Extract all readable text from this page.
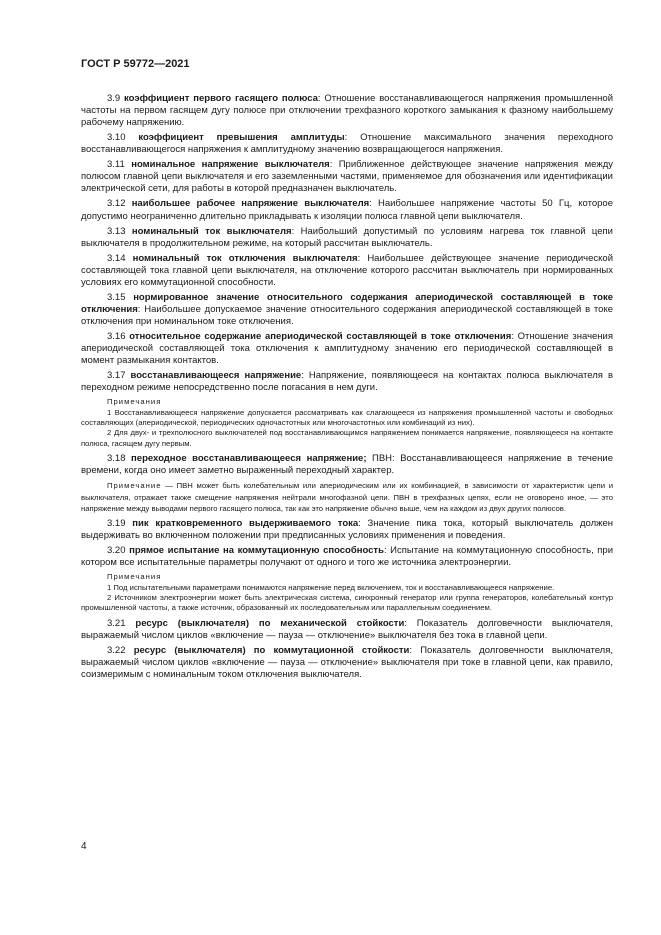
ГОСТ Р 59772—2021

3.9 коэффициент первого гасящего полюса: Отношение восстанавливающегося напряжения промышленной частоты на первом гасящем дугу полюсе при отключении трехфазного короткого замыкания к фазному наибольшему рабочему напряжению.

3.10 коэффициент превышения амплитуды: Отношение максимального значения переходного восстанавливающегося напряжения к амплитудному значению возвращающегося напряжения.

3.11 номинальное напряжение выключателя: Приближенное действующее значение напряжения между полюсом главной цепи выключателя и его заземленными частями, применяемое для обозначения или идентификации электрической сети, для работы в которой предназначен выключатель.

3.12 наибольшее рабочее напряжение выключателя: Наибольшее напряжение частоты 50 Гц, которое допустимо неограниченно длительно прикладывать к изоляции полюса главной цепи выключателя.

3.13 номинальный ток выключателя: Наибольший допустимый по условиям нагрева ток главной цепи выключателя в продолжительном режиме, на который рассчитан выключатель.

3.14 номинальный ток отключения выключателя: Наибольшее действующее значение периодической составляющей тока главной цепи выключателя, на отключение которого рассчитан выключатель при нормированных условиях его коммутационной способности.

3.15 нормированное значение относительного содержания апериодической составляющей в токе отключения: Наибольшее допускаемое значение относительного содержания апериодической составляющей в токе отключения при номинальном токе отключения.

3.16 относительное содержание апериодической составляющей в токе отключения: Отношение значения апериодической составляющей тока отключения к амплитудному значению его периодической составляющей в момент размыкания контактов.

3.17 восстанавливающееся напряжение: Напряжение, появляющееся на контактах полюса выключателя в переходном режиме непосредственно после погасания в нем дуги.

Примечания
1 Восстанавливающееся напряжение допускается рассматривать как слагающееся из напряжения промышленной частоты и свободных составляющих (апериодической, периодических одночастотных или многочастотных или комбинаций из них).
2 Для двух- и трехполюсного выключателей под восстанавливающимся напряжением понимается напряжение, появляющееся на контакте полюса, гасящем дугу первым.

3.18 переходное восстанавливающееся напряжение; ПВН: Восстанавливающееся напряжение в течение времени, когда оно имеет заметно выраженный переходный характер.

Примечание — ПВН может быть колебательным или апериодическим или их комбинацией, в зависимости от характеристик цепи и выключателя, отражает также смещение напряжения нейтрали многофазной цепи. ПВН в трехфазных цепях, если не оговорено иное, — это напряжение между выводами первого гасящего полюса, так как это напряжение обычно выше, чем на каждом из двух других полюсов.

3.19 пик кратковременного выдерживаемого тока: Значение пика тока, который выключатель должен выдерживать во включенном положении при предписанных условиях применения и поведения.

3.20 прямое испытание на коммутационную способность: Испытание на коммутационную способность, при котором все испытательные параметры получают от одного и того же источника электроэнергии.

Примечания
1 Под испытательными параметрами понимаются напряжение перед включением, ток и восстанавливающееся напряжение.
2 Источником электроэнергии может быть электрическая система, синхронный генератор или группа генераторов, колебательный контур промышленной частоты, а также источник, образованный их последовательным или параллельным соединением.

3.21 ресурс (выключателя) по механической стойкости: Показатель долговечности выключателя, выражаемый числом циклов «включение — пауза — отключение» выключателя без тока в главной цепи.

3.22 ресурс (выключателя) по коммутационной стойкости: Показатель долговечности выключателя, выражаемый числом циклов «включение — пауза — отключение» выключателя при токе в главной цепи, как правило, соизмеримым с номинальным током отключения выключателя.

4
